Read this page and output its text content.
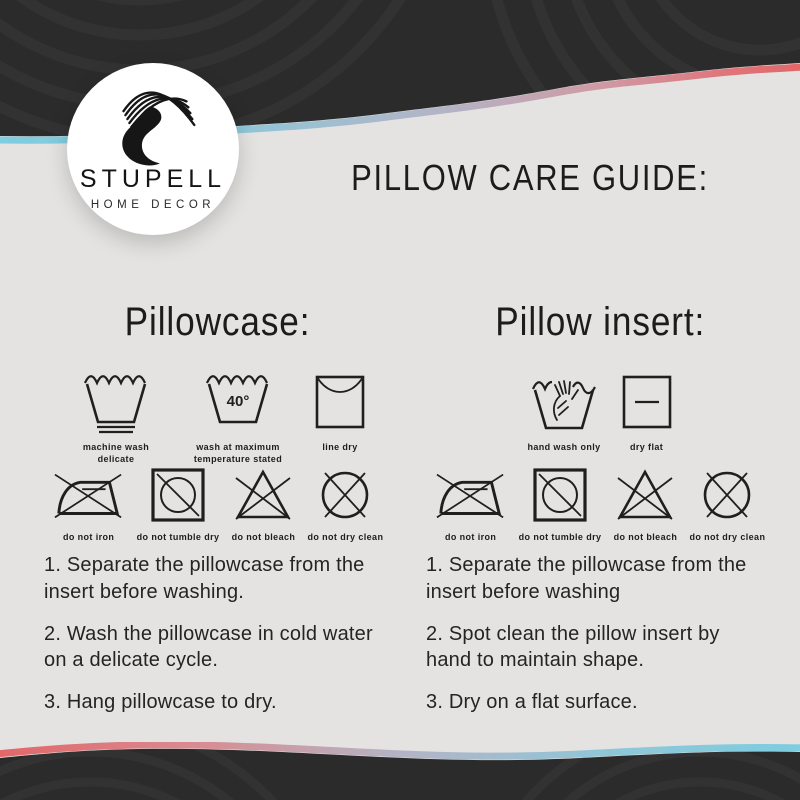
STUPELL
HOME DECOR
PILLOW CARE GUIDE:
Pillowcase:
machine wash delicate
40°
wash at maximum temperature stated
line dry
do not iron do not tumble dry do not bleach do not dry clean
1. Separate the pillowcase from the
insert before washing.
2. Wash the pillowcase in cold water
on a delicate cycle.
3. Hang pillowcase to dry.
Pillow insert:
hand wash only	dry flat
do not iron do not tumble dry do not bleach do not dry clean
1. Separate the pillowcase from the
insert before washing
2. Spot clean the pillow insert by
hand to maintain shape.
3. Dry on a flat surface.
